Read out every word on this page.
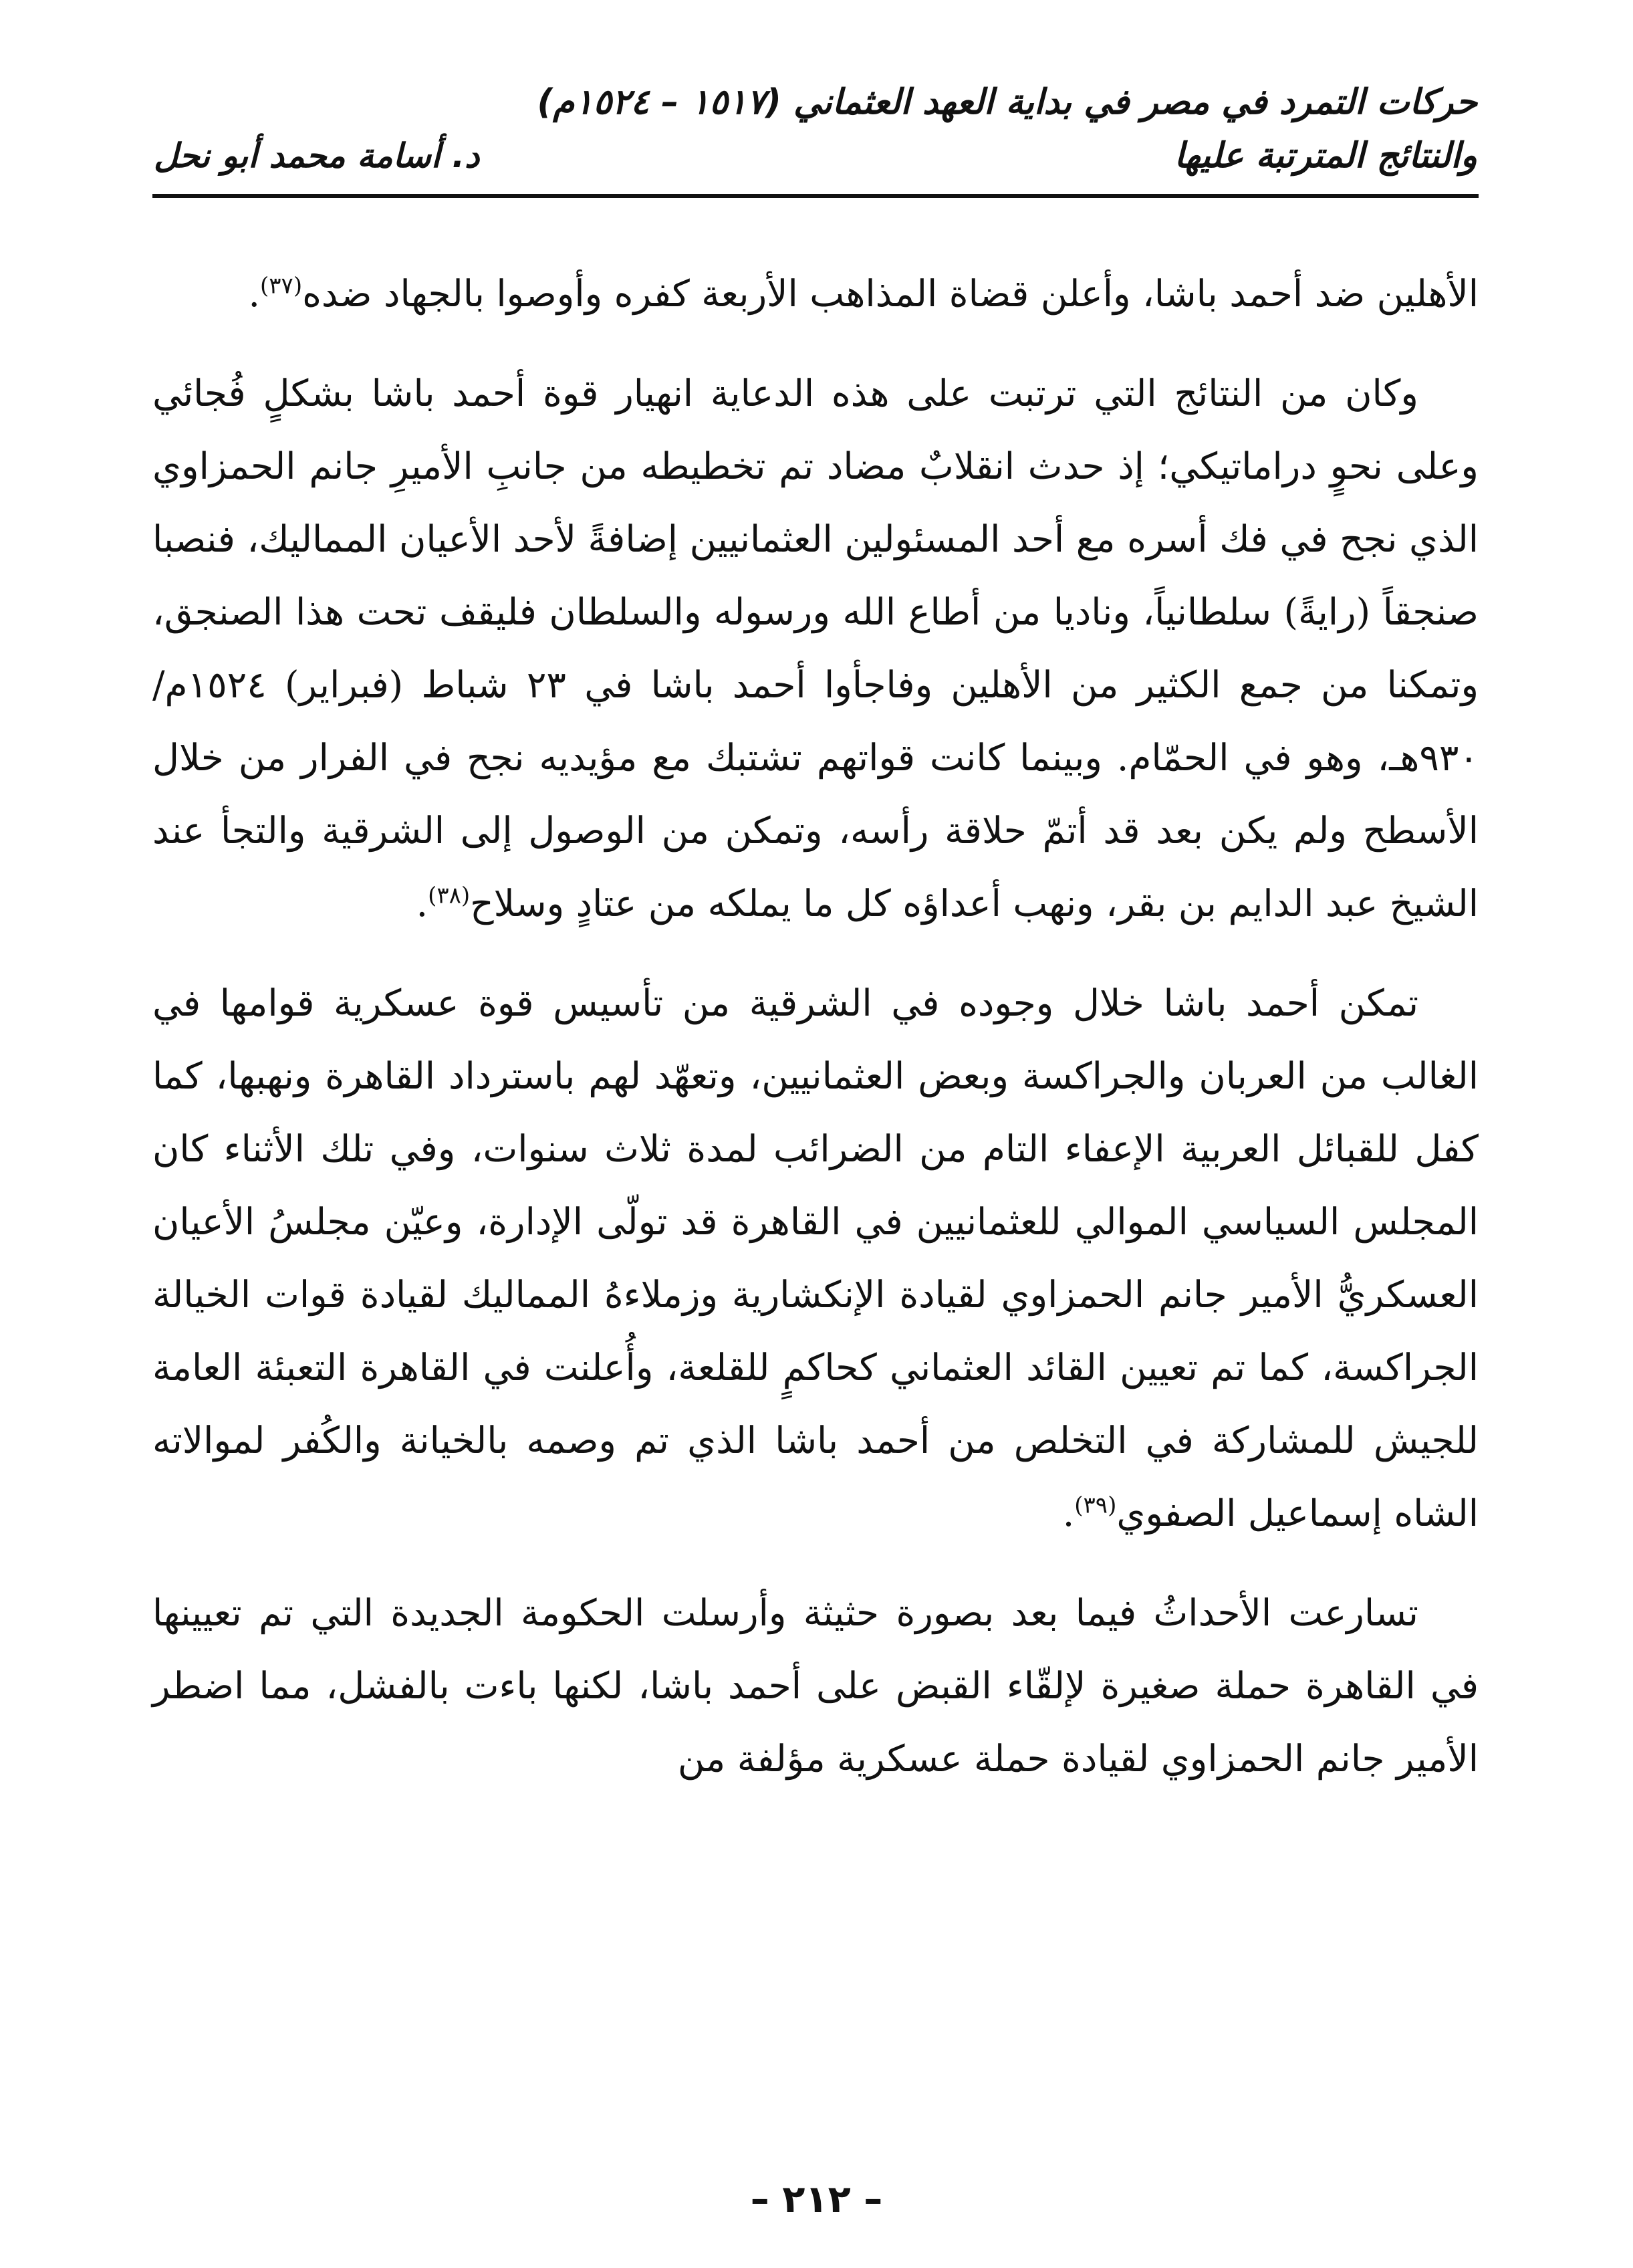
حركات التمرد في مصر في بداية العهد العثماني (١٥١٧ – ١٥٢٤م)
والنتائج المترتبة عليها
د. أسامة محمد أبو نحل

الأهلين ضد أحمد باشا، وأعلن قضاة المذاهب الأربعة كفره وأوصوا بالجهاد ضده$^{(٣٧)}$.

وكان من النتائج التي ترتبت على هذه الدعاية انهيار قوة أحمد باشا بشكلٍ فُجائي وعلى نحوٍ دراماتيكي؛ إذ حدث انقلابٌ مضاد تم تخطيطه من جانبِ الأميرِ جانم الحمزاوي الذي نجح في فك أسره مع أحد المسئولين العثمانيين إضافةً لأحد الأعيان المماليك، فنصبا صنجقاً (رايةً) سلطانياً، وناديا من أطاع الله ورسوله والسلطان فليقف تحت هذا الصنجق، وتمكنا من جمع الكثير من الأهلين وفاجأوا أحمد باشا في ٢٣ شباط (فبراير) ١٥٢٤م/٩٣٠هـ، وهو في الحمّام. وبينما كانت قواتهم تشتبك مع مؤيديه نجح في الفرار من خلال الأسطح ولم يكن بعد قد أتمّ حلاقة رأسه، وتمكن من الوصول إلى الشرقية والتجأ عند الشيخ عبد الدايم بن بقر، ونهب أعداؤه كل ما يملكه من عتادٍ وسلاح$^{(٣٨)}$.

تمكن أحمد باشا خلال وجوده في الشرقية من تأسيس قوة عسكرية قوامها في الغالب من العربان والجراكسة وبعض العثمانيين، وتعهّد لهم باسترداد القاهرة ونهبها، كما كفل للقبائل العربية الإعفاء التام من الضرائب لمدة ثلاث سنوات، وفي تلك الأثناء كان المجلس السياسي الموالي للعثمانيين في القاهرة قد تولّى الإدارة، وعيّن مجلسُ الأعيان العسكريُّ الأمير جانم الحمزاوي لقيادة الإنكشارية وزملاءهُ المماليك لقيادة قوات الخيالة الجراكسة، كما تم تعيين القائد العثماني كحاكمٍ للقلعة، وأُعلنت في القاهرة التعبئة العامة للجيش للمشاركة في التخلص من أحمد باشا الذي تم وصمه بالخيانة والكُفر لموالاته الشاه إسماعيل الصفوي$^{(٣٩)}$.

تسارعت الأحداثُ فيما بعد بصورة حثيثة وأرسلت الحكومة الجديدة التي تم تعيينها في القاهرة حملة صغيرة لإلقّاء القبض على أحمد باشا، لكنها باءت بالفشل، مما اضطر الأمير جانم الحمزاوي لقيادة حملة عسكرية مؤلفة من

– ٢١٢ –
